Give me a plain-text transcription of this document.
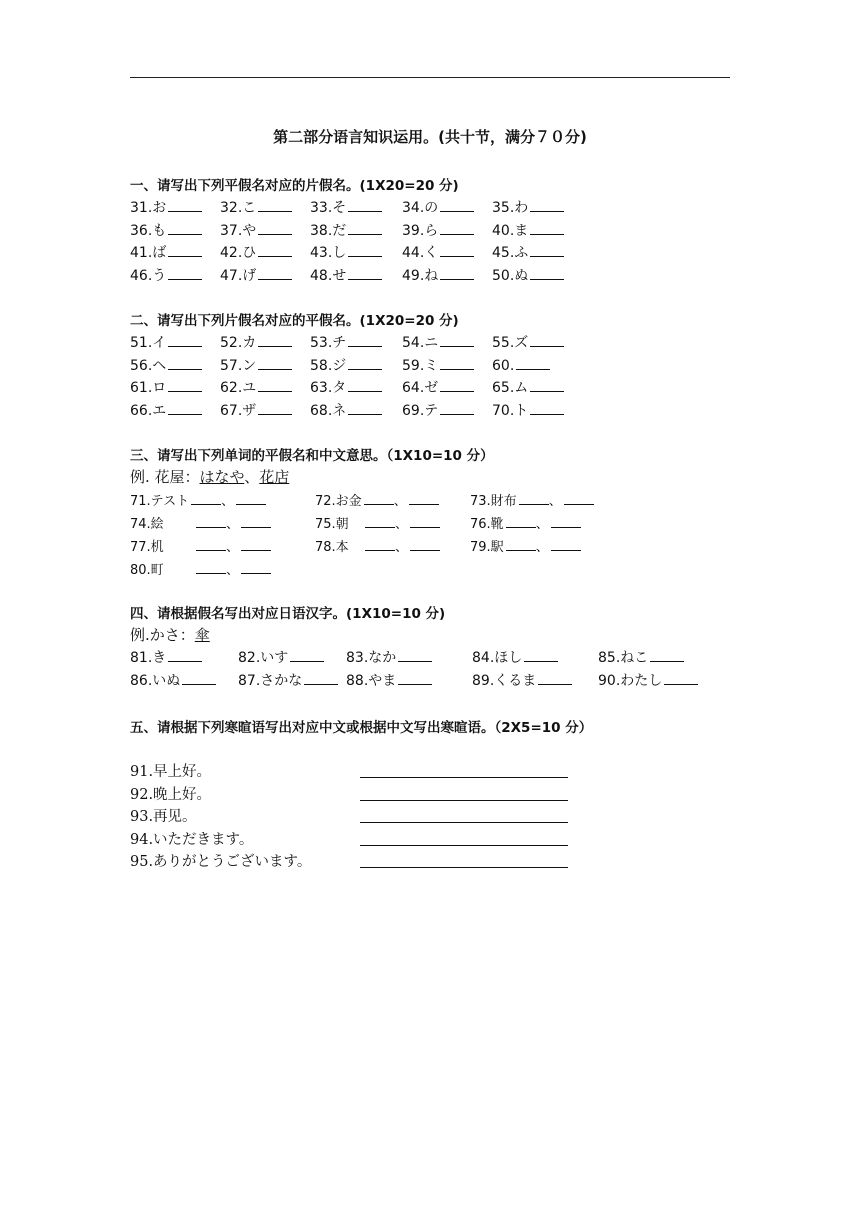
第二部分语言知识运用。(共十节，满分７０分)
一、请写出下列平假名对应的片假名。(1X20=20 分)
31.お	32.こ	33.そ	34.の	35.わ
36.も	37.や	38.だ	39.ら	40.ま
41.ば	42.ひ	43.し	44.く	45.ふ
46.う	47.げ	48.せ	49.ね	50.ぬ
二、请写出下列片假名对应的平假名。(1X20=20 分)
51.イ	52.カ	53.チ	54.ニ	55.ズ
56.ヘ	57.ン	58.ジ	59.ミ	60.
61.ロ	62.ユ	63.タ	64.ゼ	65.ム
66.エ	67.ザ	68.ネ	69.テ	70.ト
三、请写出下列单词的平假名和中文意思。（1X10=10 分）
例. 花屋：はなや、花店
71.テスト 、	72.お金 、	73.財布 、
74.絵	、	75.朝	、	76.靴 、
77.机	、	78.本	、	79.駅 、
80.町	、
四、请根据假名写出对应日语汉字。(1X10=10 分)
例.かさ：傘
81.き	82.いす	83.なか	84.ほし	85.ねこ
86.いぬ	87.さかな	88.やま	89.くるま	90.わたし
五、请根据下列寒暄语写出对应中文或根据中文写出寒暄语。（2X5=10 分）
91.早上好。
92.晚上好。
93.再见。
94.いただきます。
95.ありがとうございます。
